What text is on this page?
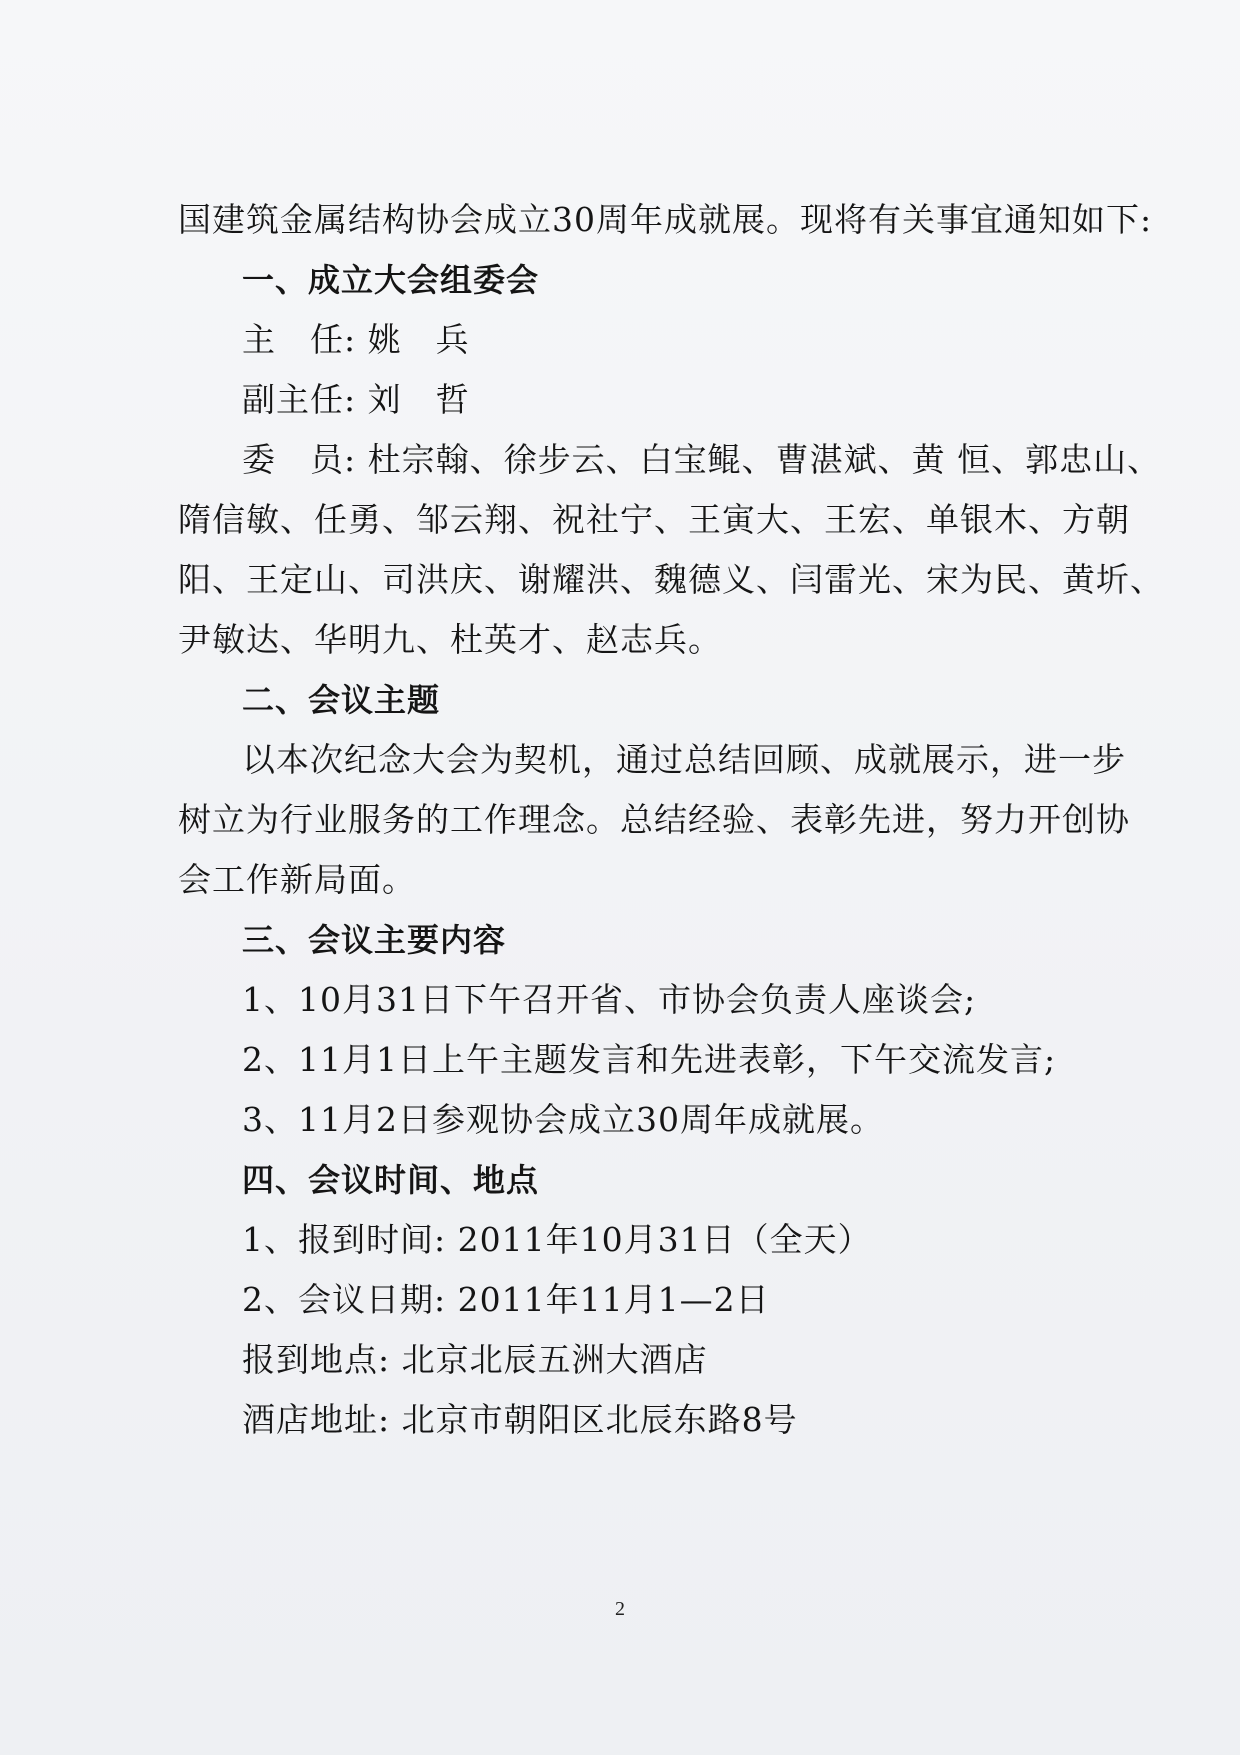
国建筑金属结构协会成立30周年成就展。现将有关事宜通知如下:
一、成立大会组委会
主　任: 姚　兵
副主任: 刘　哲
委　员: 杜宗翰、徐步云、白宝鲲、曹湛斌、黄 恒、郭忠山、
隋信敏、任勇、邹云翔、祝社宁、王寅大、王宏、单银木、方朝
阳、王定山、司洪庆、谢耀洪、魏德义、闫雷光、宋为民、黄圻、
尹敏达、华明九、杜英才、赵志兵。
二、会议主题
以本次纪念大会为契机，通过总结回顾、成就展示，进一步
树立为行业服务的工作理念。总结经验、表彰先进，努力开创协
会工作新局面。
三、会议主要内容
1、10月31日下午召开省、市协会负责人座谈会;
2、11月1日上午主题发言和先进表彰，下午交流发言;
3、11月2日参观协会成立30周年成就展。
四、会议时间、地点
1、报到时间: 2011年10月31日（全天）
2、会议日期: 2011年11月1—2日
报到地点: 北京北辰五洲大酒店
酒店地址: 北京市朝阳区北辰东路8号
2
